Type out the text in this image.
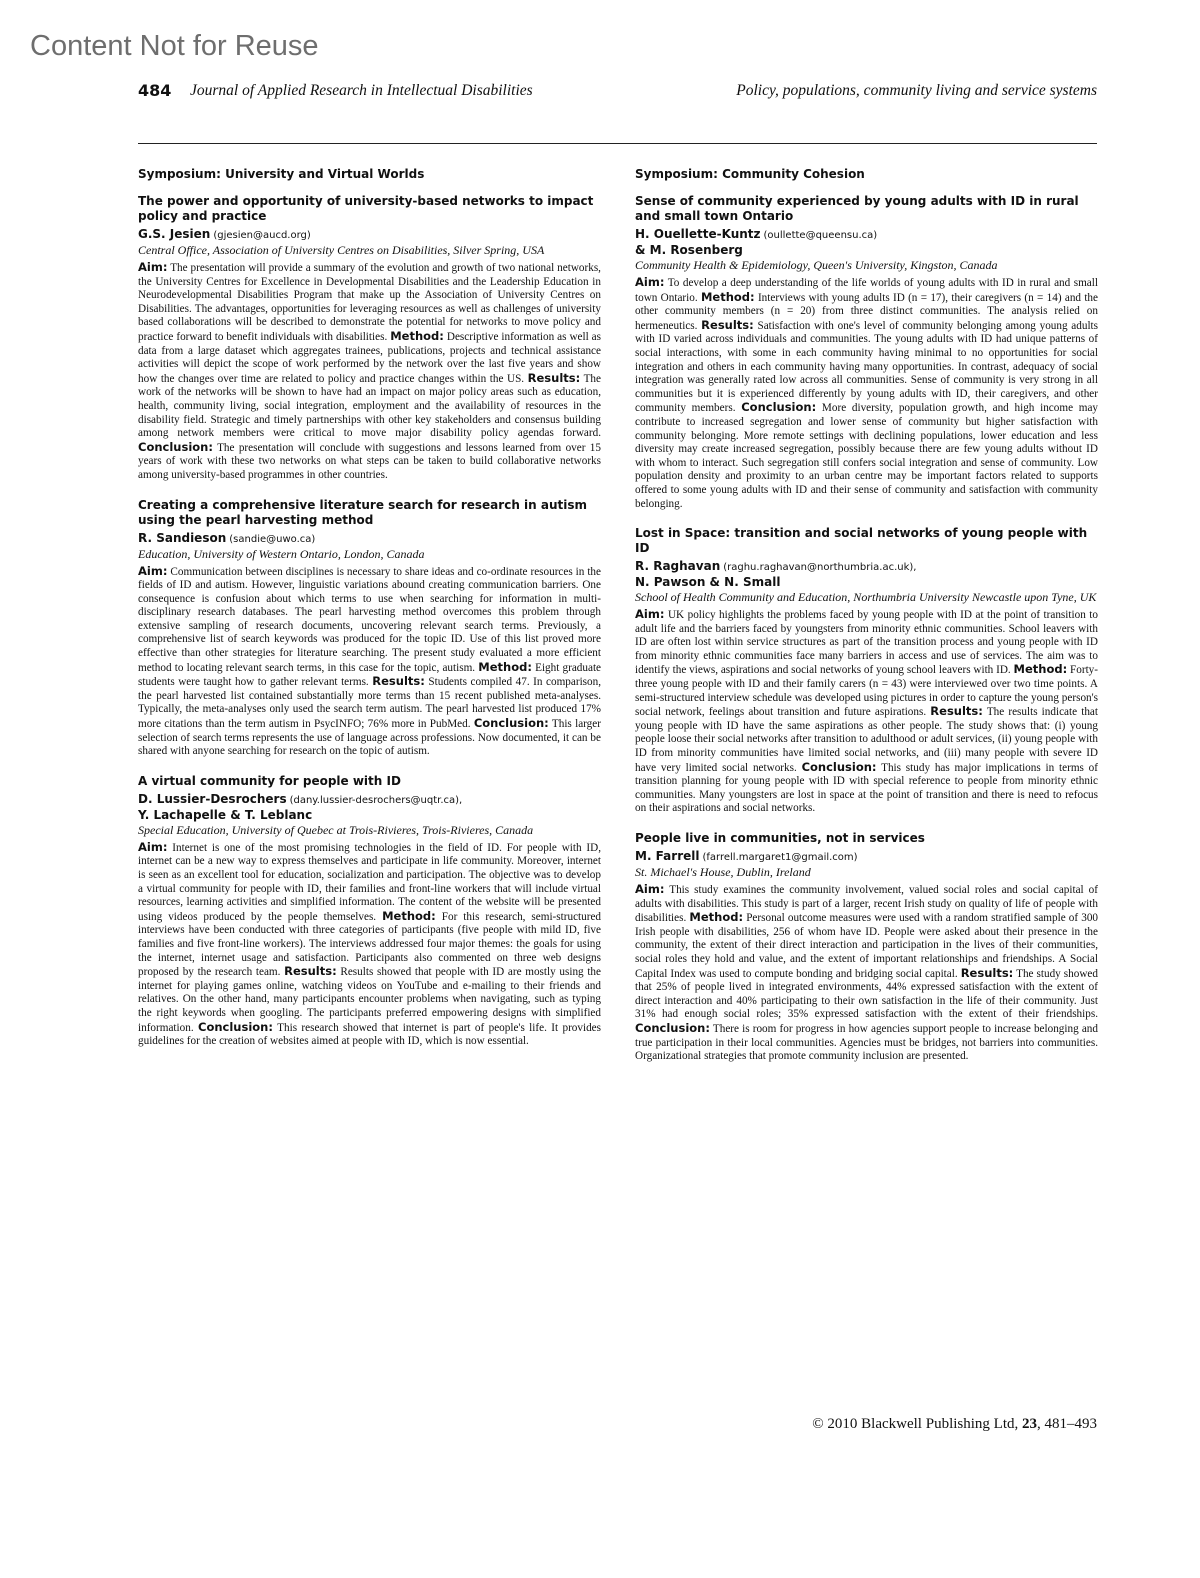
Content Not for Reuse
484 Journal of Applied Research in Intellectual Disabilities	Policy, populations, community living and service systems
Symposium: University and Virtual Worlds
The power and opportunity of university-based networks to impact policy and practice
G.S. Jesien (gjesien@aucd.org)
Central Office, Association of University Centres on Disabilities, Silver Spring, USA

Aim: The presentation will provide a summary of the evolution and growth of two national networks, the University Centres for Excellence in Developmental Disabilities and the Leadership Education in Neurodevelopmental Disabilities Program that make up the Association of University Centres on Disabilities. The advantages, opportunities for leveraging resources as well as challenges of university based collaborations will be described to demonstrate the potential for networks to move policy and practice forward to benefit individuals with disabilities. Method: Descriptive information as well as data from a large dataset which aggregates trainees, publications, projects and technical assistance activities will depict the scope of work performed by the network over the last five years and show how the changes over time are related to policy and practice changes within the US. Results: The work of the networks will be shown to have had an impact on major policy areas such as education, health, community living, social integration, employment and the availability of resources in the disability field. Strategic and timely partnerships with other key stakeholders and consensus building among network members were critical to move major disability policy agendas forward. Conclusion: The presentation will conclude with suggestions and lessons learned from over 15 years of work with these two networks on what steps can be taken to build collaborative networks among university-based programmes in other countries.

Creating a comprehensive literature search for research in autism using the pearl harvesting method
R. Sandieson (sandie@uwo.ca)
Education, University of Western Ontario, London, Canada

Aim: Communication between disciplines is necessary to share ideas and co-ordinate resources in the fields of ID and autism. However, linguistic variations abound creating communication barriers. One consequence is confusion about which terms to use when searching for information in multi-disciplinary research databases. The pearl harvesting method overcomes this problem through extensive sampling of research documents, uncovering relevant search terms. Previously, a comprehensive list of search keywords was produced for the topic ID. Use of this list proved more effective than other strategies for literature searching. The present study evaluated a more efficient method to locating relevant search terms, in this case for the topic, autism. Method: Eight graduate students were taught how to gather relevant terms. Results: Students compiled 47. In comparison, the pearl harvested list contained substantially more terms than 15 recent published meta-analyses. Typically, the meta-analyses only used the search term autism. The pearl harvested list produced 17% more citations than the term autism in PsycINFO; 76% more in PubMed. Conclusion: This larger selection of search terms represents the use of language across professions. Now documented, it can be shared with anyone searching for research on the topic of autism.

A virtual community for people with ID
D. Lussier-Desrochers (dany.lussier-desrochers@uqtr.ca),
Y. Lachapelle & T. Leblanc
Special Education, University of Quebec at Trois-Rivieres, Trois-Rivieres, Canada

Aim: Internet is one of the most promising technologies in the field of ID. For people with ID, internet can be a new way to express themselves and participate in life community. Moreover, internet is seen as an excellent tool for education, socialization and participation. The objective was to develop a virtual community for people with ID, their families and front-line workers that will include virtual resources, learning activities and simplified information. The content of the website will be presented using videos produced by the people themselves. Method: For this research, semi-structured interviews have been conducted with three categories of participants (five people with mild ID, five families and five front-line workers). The interviews addressed four major themes: the goals for using the internet, internet usage and satisfaction. Participants also commented on three web designs proposed by the research team. Results: Results showed that people with ID are mostly using the internet for playing games online, watching videos on YouTube and e-mailing to their friends and relatives. On the other hand, many participants encounter problems when navigating, such as typing the right keywords when googling. The participants preferred empowering designs with simplified information. Conclusion: This research showed that internet is part of people's life. It provides guidelines for the creation of websites aimed at people with ID, which is now essential.

Symposium: Community Cohesion
Sense of community experienced by young adults with ID in rural and small town Ontario
H. Ouellette-Kuntz (oullette@queensu.ca)
& M. Rosenberg
Community Health & Epidemiology, Queen's University, Kingston, Canada

Aim: To develop a deep understanding of the life worlds of young adults with ID in rural and small town Ontario. Method: Interviews with young adults ID (n = 17), their caregivers (n = 14) and the other community members (n = 20) from three distinct communities. The analysis relied on hermeneutics. Results: Satisfaction with one's level of community belonging among young adults with ID varied across individuals and communities. The young adults with ID had unique patterns of social interactions, with some in each community having minimal to no opportunities for social integration and others in each community having many opportunities. In contrast, adequacy of social integration was generally rated low across all communities. Sense of community is very strong in all communities but it is experienced differently by young adults with ID, their caregivers, and other community members. Conclusion: More diversity, population growth, and high income may contribute to increased segregation and lower sense of community but higher satisfaction with community belonging. More remote settings with declining populations, lower education and less diversity may create increased segregation, possibly because there are few young adults without ID with whom to interact. Such segregation still confers social integration and sense of community. Low population density and proximity to an urban centre may be important factors related to supports offered to some young adults with ID and their sense of community and satisfaction with community belonging.

Lost in Space: transition and social networks of young people with ID
R. Raghavan (raghu.raghavan@northumbria.ac.uk),
N. Pawson & N. Small
School of Health Community and Education, Northumbria University Newcastle upon Tyne, UK

Aim: UK policy highlights the problems faced by young people with ID at the point of transition to adult life and the barriers faced by youngsters from minority ethnic communities. School leavers with ID are often lost within service structures as part of the transition process and young people with ID from minority ethnic communities face many barriers in access and use of services. The aim was to identify the views, aspirations and social networks of young school leavers with ID. Method: Forty-three young people with ID and their family carers (n = 43) were interviewed over two time points. A semi-structured interview schedule was developed using pictures in order to capture the young person's social network, feelings about transition and future aspirations. Results: The results indicate that young people with ID have the same aspirations as other people. The study shows that: (i) young people loose their social networks after transition to adulthood or adult services, (ii) young people with ID from minority communities have limited social networks, and (iii) many people with severe ID have very limited social networks. Conclusion: This study has major implications in terms of transition planning for young people with ID with special reference to people from minority ethnic communities. Many youngsters are lost in space at the point of transition and there is need to refocus on their aspirations and social networks.

People live in communities, not in services
M. Farrell (farrell.margaret1@gmail.com)
St. Michael's House, Dublin, Ireland

Aim: This study examines the community involvement, valued social roles and social capital of adults with disabilities. This study is part of a larger, recent Irish study on quality of life of people with disabilities. Method: Personal outcome measures were used with a random stratified sample of 300 Irish people with disabilities, 256 of whom have ID. People were asked about their presence in the community, the extent of their direct interaction and participation in the lives of their communities, social roles they hold and value, and the extent of important relationships and friendships. A Social Capital Index was used to compute bonding and bridging social capital. Results: The study showed that 25% of people lived in integrated environments, 44% expressed satisfaction with the extent of direct interaction and 40% participating to their own satisfaction in the life of their community. Just 31% had enough social roles; 35% expressed satisfaction with the extent of their friendships. Conclusion: There is room for progress in how agencies support people to increase belonging and true participation in their local communities. Agencies must be bridges, not barriers into communities. Organizational strategies that promote community inclusion are presented.

© 2010 Blackwell Publishing Ltd, 23, 481–493
